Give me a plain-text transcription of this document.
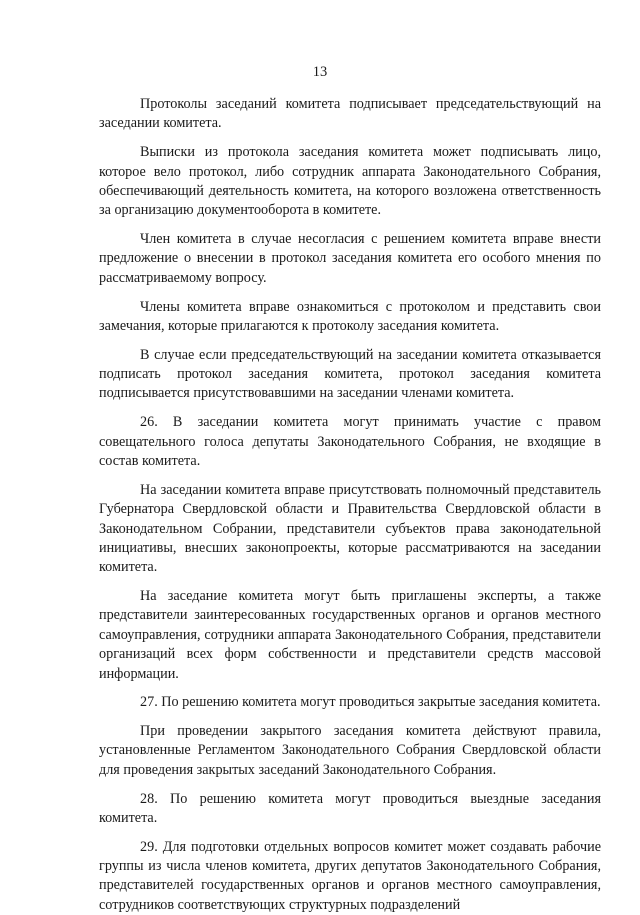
13

Протоколы заседаний комитета подписывает председательствующий на заседании комитета.

Выписки из протокола заседания комитета может подписывать лицо, которое вело протокол, либо сотрудник аппарата Законодательного Собрания, обеспечивающий деятельность комитета, на которого возложена ответственность за организацию документооборота в комитете.

Член комитета в случае несогласия с решением комитета вправе внести предложение о внесении в протокол заседания комитета его особого мнения по рассматриваемому вопросу.

Члены комитета вправе ознакомиться с протоколом и представить свои замечания, которые прилагаются к протоколу заседания комитета.

В случае если председательствующий на заседании комитета отказывается подписать протокол заседания комитета, протокол заседания комитета подписывается присутствовавшими на заседании членами комитета.

26. В заседании комитета могут принимать участие с правом совещательного голоса депутаты Законодательного Собрания, не входящие в состав комитета.

На заседании комитета вправе присутствовать полномочный представитель Губернатора Свердловской области и Правительства Свердловской области в Законодательном Собрании, представители субъектов права законодательной инициативы, внесших законопроекты, которые рассматриваются на заседании комитета.

На заседание комитета могут быть приглашены эксперты, а также представители заинтересованных государственных органов и органов местного самоуправления, сотрудники аппарата Законодательного Собрания, представители организаций всех форм собственности и представители средств массовой информации.

27. По решению комитета могут проводиться закрытые заседания комитета.

При проведении закрытого заседания комитета действуют правила, установленные Регламентом Законодательного Собрания Свердловской области для проведения закрытых заседаний Законодательного Собрания.

28. По решению комитета могут проводиться выездные заседания комитета.

29. Для подготовки отдельных вопросов комитет может создавать рабочие группы из числа членов комитета, других депутатов Законодательного Собрания, представителей государственных органов и органов местного самоуправления, сотрудников соответствующих структурных подразделений
